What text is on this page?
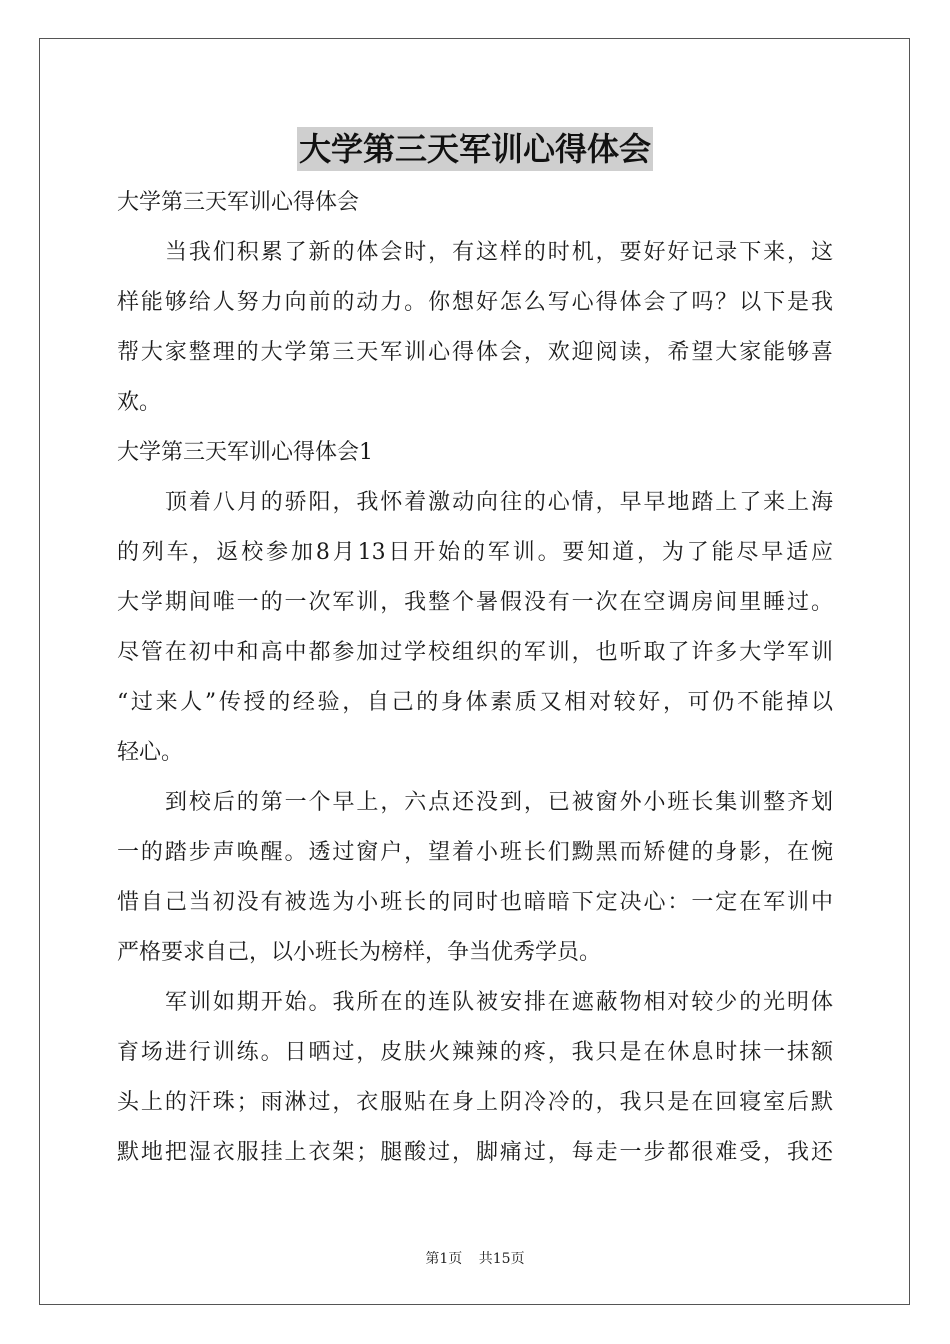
大学第三天军训心得体会
大学第三天军训心得体会
当我们积累了新的体会时，有这样的时机，要好好记录下来，这
样能够给人努力向前的动力。你想好怎么写心得体会了吗？以下是我
帮大家整理的大学第三天军训心得体会，欢迎阅读，希望大家能够喜
欢。
大学第三天军训心得体会1
顶着八月的骄阳，我怀着激动向往的心情，早早地踏上了来上海
的列车，返校参加8月13日开始的军训。要知道，为了能尽早适应
大学期间唯一的一次军训，我整个暑假没有一次在空调房间里睡过。
尽管在初中和高中都参加过学校组织的军训，也听取了许多大学军训
“过来人”传授的经验，自己的身体素质又相对较好，可仍不能掉以
轻心。
到校后的第一个早上，六点还没到，已被窗外小班长集训整齐划
一的踏步声唤醒。透过窗户，望着小班长们黝黑而矫健的身影，在惋
惜自己当初没有被选为小班长的同时也暗暗下定决心：一定在军训中
严格要求自己，以小班长为榜样，争当优秀学员。
军训如期开始。我所在的连队被安排在遮蔽物相对较少的光明体
育场进行训练。日晒过，皮肤火辣辣的疼，我只是在休息时抹一抹额
头上的汗珠；雨淋过，衣服贴在身上阴冷冷的，我只是在回寝室后默
默地把湿衣服挂上衣架；腿酸过，脚痛过，每走一步都很难受，我还
第1页 共15页
